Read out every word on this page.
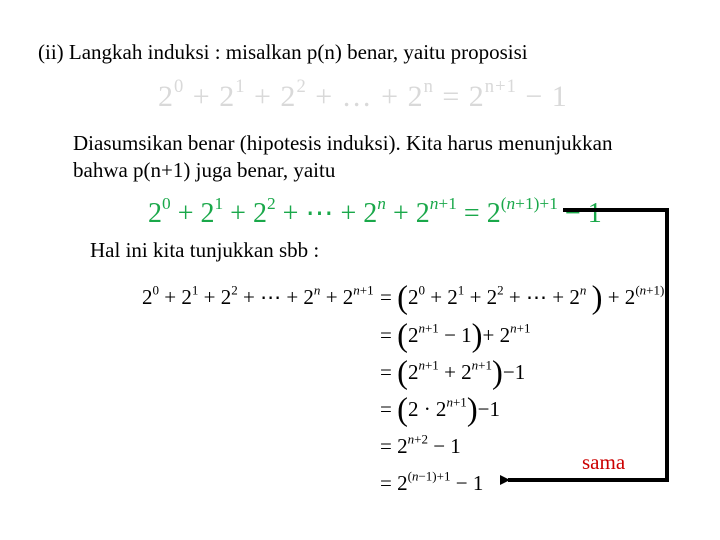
(ii) Langkah induksi : misalkan p(n) benar, yaitu proposisi
$2^0 + 2^1 + 2^2$ + … + $2^n = 2^{n+1} - 1$
Diasumsikan benar (hipotesis induksi). Kita harus menunjukkan
bahwa p(n+1) juga benar, yaitu
$2^0 + 2^1 + 2^2$ + ⋯ + $2^n + 2^{n+1} = 2^{(n+1)+1} - 1$
Hal ini kita tunjukkan sbb :
$2^0 + 2^1 + 2^2$ + ⋯ + $2^n + 2^{n+1} = (2^0 + 2^1 + 2^2$ + ⋯ + $2^n$ ) + $2^{(n+1)}$
= $(2^{n+1} - 1)+ 2^{n+1}$
= $(2^{n+1} + 2^{n+1})-1$
= $(2 \cdot 2^{n+1})-1$
= $2^{n+2} - 1$
= $2^{(n-1)+1} - 1$
sama
